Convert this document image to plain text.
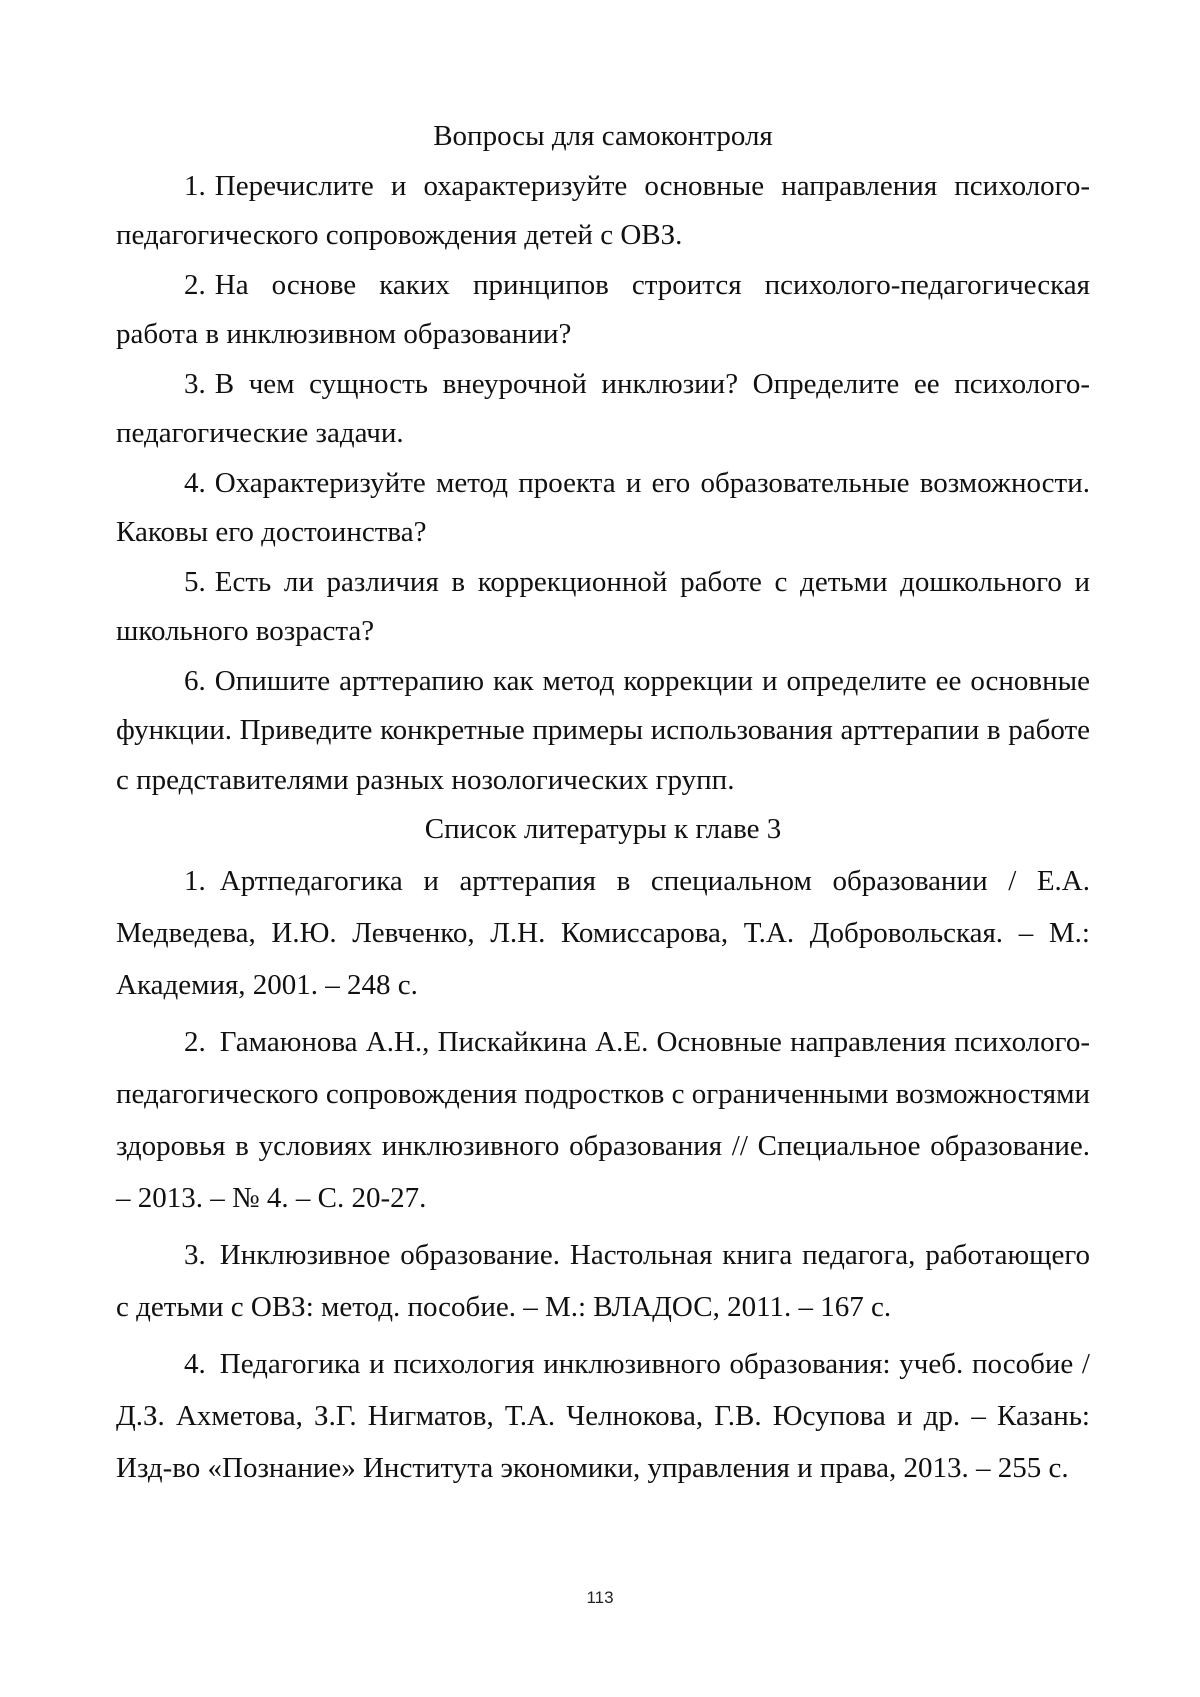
Вопросы для самоконтроля

1. Перечислите и охарактеризуйте основные направления психолого-педагогического сопровождения детей с ОВЗ.

2. На основе каких принципов строится психолого-педагогическая работа в инклюзивном образовании?

3. В чем сущность внеурочной инклюзии? Определите ее психолого-педагогические задачи.

4. Охарактеризуйте метод проекта и его образовательные возможности. Каковы его достоинства?

5. Есть ли различия в коррекционной работе с детьми дошкольного и школьного возраста?

6. Опишите арттерапию как метод коррекции и определите ее основные функции. Приведите конкретные примеры использования арттерапии в работе с представителями разных нозологических групп.

Список литературы к главе 3

1. Артпедагогика и арттерапия в специальном образовании / Е.А. Медведева, И.Ю. Левченко, Л.Н. Комиссарова, Т.А. Добровольская. – М.: Академия, 2001. – 248 с.

2. Гамаюнова А.Н., Пискайкина А.Е. Основные направления психолого-педагогического сопровождения подростков с ограниченными возможностями здоровья в условиях инклюзивного образования // Специальное образование. – 2013. – № 4. – С. 20-27.

3. Инклюзивное образование. Настольная книга педагога, работающего с детьми с ОВЗ: метод. пособие. – М.: ВЛАДОС, 2011. – 167 с.

4. Педагогика и психология инклюзивного образования: учеб. пособие / Д.З. Ахметова, З.Г. Нигматов, Т.А. Челнокова, Г.В. Юсупова и др. – Казань: Изд-во «Познание» Института экономики, управления и права, 2013. – 255 с.

113
